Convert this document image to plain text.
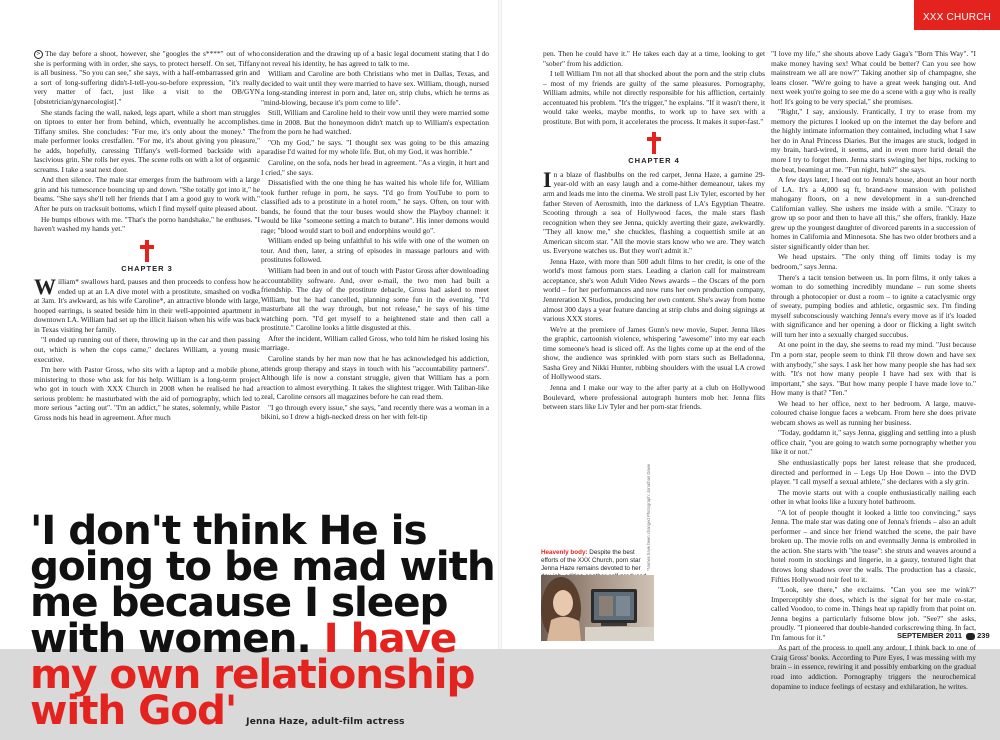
> The day before a shoot, however, she "googles the s****" out of who she is performing with in order, she says, to protect herself. On set, Tiffany is all business. "So you can see," she says, with a half-embarrassed grin and a sort of long-suffering didn't-I-tell-you-so-before expression, "it's really very matter of fact, just like a visit to the OB/GYN [obstetrician/gynaecologist]."

She stands facing the wall, naked, legs apart, while a short man struggles on tiptoes to enter her from behind, which, eventually he accomplishes. Tiffany smiles. She concludes: "For me, it's only about the money." The male performer looks crestfallen. "For me, it's about giving you pleasure," he adds, hopefully, caressing Tiffany's well-formed backside with a lascivious grin. She rolls her eyes. The scene rolls on with a lot of orgasmic screams. I take a seat next door.

And then silence. The male star emerges from the bathroom with a large grin and his tumescence bouncing up and down. "She totally got into it," he beams. "She says she'll tell her friends that I am a good guy to work with." After he puts on tracksuit bottoms, which I find myself quite pleased about.

He bumps elbows with me. "That's the porno handshake," he enthuses. "I haven't washed my hands yet."

CHAPTER 3

William* swallows hard, pauses and then proceeds to confess how he ended up at an LA dive motel with a prostitute, smashed on vodka at 3am. It's awkward, as his wife Caroline*, an attractive blonde with large, hooped earrings, is seated beside him in their well-appointed apartment in downtown LA. William had set up the illicit liaison when his wife was back in Texas visiting her family.

"I ended up running out of there, throwing up in the car and then passing out, which is when the cops came," declares William, a young music executive.

I'm here with Pastor Gross, who sits with a laptop and a mobile phone, ministering to those who ask for his help. William is a long-term project who got in touch with XXX Church in 2008 when he realised he had a serious problem: he masturbated with the aid of pornography, which led to more serious "acting out". "I'm an addict," he states, solemnly, while Pastor Gross nods his head in agreement. After much

consideration and the drawing up of a basic legal document stating that I do not reveal his identity, he has agreed to talk to me.

William and Caroline are both Christians who met in Dallas, Texas, and decided to wait until they were married to have sex. William, though, nursed a long-standing interest in porn and, later on, strip clubs, which he terms as "mind-blowing, because it's porn come to life".

Still, William and Caroline held to their vow until they were married some time in 2008. But the honeymoon didn't match up to William's expectation from the porn he had watched.

"Oh my God," he says. "I thought sex was going to be this amazing paradise I'd waited for my whole life. But, oh my God, it was horrible."

Caroline, on the sofa, nods her head in agreement. "As a virgin, it hurt and I cried," she says.

Dissatisfied with the one thing he has waited his whole life for, William took further refuge in porn, he says. "I'd go from YouTube to porn to classified ads to a prostitute in a hotel room," he says. Often, on tour with bands, he found that the tour buses would show the Playboy channel: it would be like "someone setting a match to butane". His inner demons would rage; "blood would start to boil and endorphins would go".

William ended up being unfaithful to his wife with one of the women on tour. And then, later, a string of episodes in massage parlours and with prostitutes followed.

William had been in and out of touch with Pastor Gross after downloading accountability software. And, over e-mail, the two men had built a friendship. The day of the prostitute debacle, Gross had asked to meet William, but he had cancelled, planning some fun in the evening. "I'd masturbate all the way through, but not release," he says of his time watching porn. "I'd get myself to a heightened state and then call a prostitute." Caroline looks a little disgusted at this.

After the incident, William called Gross, who told him he risked losing his marriage.

Caroline stands by her man now that he has acknowledged his addiction, attends group therapy and stays in touch with his "accountability partners". Although life is now a constant struggle, given that William has a porn reaction to almost everything. It takes the slightest trigger. With Taliban-like zeal, Caroline censors all magazines before he can read them.

"I go through every issue," she says, "and recently there was a woman in a bikini, so I drew a high-necked dress on her with felt-tip

'I don't think He is going to be mad with me because I sleep with women. I have my own relationship with God' Jenna Haze, adult-film actress
XXX CHURCH

pen. Then he could have it." He takes each day at a time, looking to get "sober" from his addiction.

I tell William I'm not all that shocked about the porn and the strip clubs – most of my friends are guilty of the same pleasures. Pornography, William admits, while not directly responsible for his affliction, certainly accentuated his problem. "It's the trigger," he explains. "If it wasn't there, it would take weeks, maybe months, to work up to have sex with a prostitute. But with porn, it accelerates the process. It makes it super-fast."

CHAPTER 4

In a blaze of flashbulbs on the red carpet, Jenna Haze, a gamine 29-year-old with an easy laugh and a come-hither demeanour, takes my arm and leads me into the cinema. We stroll past Liv Tyler, escorted by her father Steven of Aerosmith, into the darkness of LA's Egyptian Theatre. Scooting through a sea of Hollywood faces, the male stars flash recognition when they see Jenna, quickly averting their gaze, awkwardly. "They all know me," she chuckles, flashing a coquettish smile at an American sitcom star. "All the movie stars know who we are. They watch us. Everyone watches us. But they won't admit it."

Jenna Haze, with more than 500 adult films to her credit, is one of the world's most famous porn stars. Leading a clarion call for mainstream acceptance, she's won Adult Video News awards – the Oscars of the porn world – for her performances and now runs her own production company, Jennreration X Studios, producing her own content. She's away from home almost 300 days a year feature dancing at strip clubs and doing signings at various XXX stores.

We're at the premiere of James Gunn's new movie, Super. Jenna likes the graphic, cartoonish violence, whispering "awesome" into my ear each time someone's head is sliced off. As the lights come up at the end of the show, the audience was sprinkled with porn stars such as Belladonna, Sasha Grey and Nikki Hunter, rubbing shoulders with the usual LA crowd of Hollywood stars.

Jenna and I make our way to the after party at a club on Hollywood Boulevard, where professional autograph hunters mob her. Jenna flits between stars like Liv Tyler and her porn-star friends.

"I love my life," she shouts above Lady Gaga's "Born This Way". "I make money having sex! What could be better? Can you see how mainstream we all are now?" Taking another sip of champagne, she leans closer. "We're going to have a great week hanging out. And next week you're going to see me do a scene with a guy who is really hot! It's going to be very special," she promises.

"Right," I say, anxiously. Frantically, I try to erase from my memory the pictures I looked up on the internet the day before and the highly intimate information they contained, including what I saw her do in Anal Princess Diaries. But the images are stuck, lodged in my brain, hard-wired, it seems, and in even more lurid detail the more I try to forget them. Jenna starts swinging her hips, rocking to the beat, beaming at me. "Fun night, huh?" she says.

A few days later, I head out to Jenna's house, about an hour north of LA. It's a 4,000 sq ft, brand-new mansion with polished mahogany floors, on a new development in a sun-drenched Californian valley. She ushers me inside with a smile. "Crazy to grow up so poor and then to have all this," she offers, frankly. Haze grew up the youngest daughter of divorced parents in a succession of homes in California and Minnesota. She has two older brothers and a sister significantly older than her.

We head upstairs. "The only thing off limits today is my bedroom," says Jenna.

There's a tacit tension between us. In porn films, it only takes a woman to do something incredibly mundane – run some sheets through a photocopier or dust a room – to ignite a cataclysmic orgy of sweaty, pumping bodies and athletic, orgasmic sex. I'm finding myself subconsciously watching Jenna's every move as if it's loaded with significance and her opening a door or flicking a light switch will turn her into a sexually charged succubus.

At one point in the day, she seems to read my mind. "Just because I'm a porn star, people seem to think I'll throw down and have sex with anybody," she says. I ask her how many people she has had sex with. "It's not how many people I have had sex with that is important," she says. "But how many people I have made love to." How many is that? "Ten."

We head to her office, next to her bedroom. A large, mauve-coloured chaise longue faces a webcam. From here she does private webcam shows as well as running her business.

"Today, goddamn it," says Jenna, giggling and settling into a plush office chair, "you are going to watch some pornography whether you like it or not."

She enthusiastically pops her latest release that she produced, directed and performed in – Legs Up Hoe Down – into the DVD player. "I call myself a sexual athlete," she declares with a sly grin.

The movie starts out with a couple enthusiastically nailing each other in what looks like a luxury hotel bathroom.

"A lot of people thought it looked a little too convincing," says Jenna. The male star was dating one of Jenna's friends – also an adult performer – and since her friend watched the scene, the pair have broken up. The movie rolls on and eventually Jenna is embroiled in the action. She starts with "the tease": she struts and weaves around a hotel room in stockings and lingerie, in a gauzy, textured light that throws long shadows over the walls. The production has a classic, Fifties Hollywood noir feel to it.

"Look, see there," she exclaims. "Can you see me wink?" Imperceptibly she does, which is the signal for her male co-star, called Voodoo, to come in. Things heat up rapidly from that point on. Jenna begins a particularly fulsome blow job. "See?" she asks, proudly. "I pioneered that double-handed corkscrewing thing. In fact, I'm famous for it."

As part of the process to quell any ardour, I think back to one of Craig Gross' books. According to Pure Eyes, I was messing with my brain – in essence, rewiring it and possibly embarking on the gradual road into addiction. Pornography triggers the neurochemical dopamine to induce feelings of ecstasy and exhilaration, he writes.

Heavenly body: Despite the best efforts of the XXX Church, porn star Jenna Haze remains devoted to her	*Names have been changed Photograph: Jonathan Dawe
SEPTEMBER 2011 239
